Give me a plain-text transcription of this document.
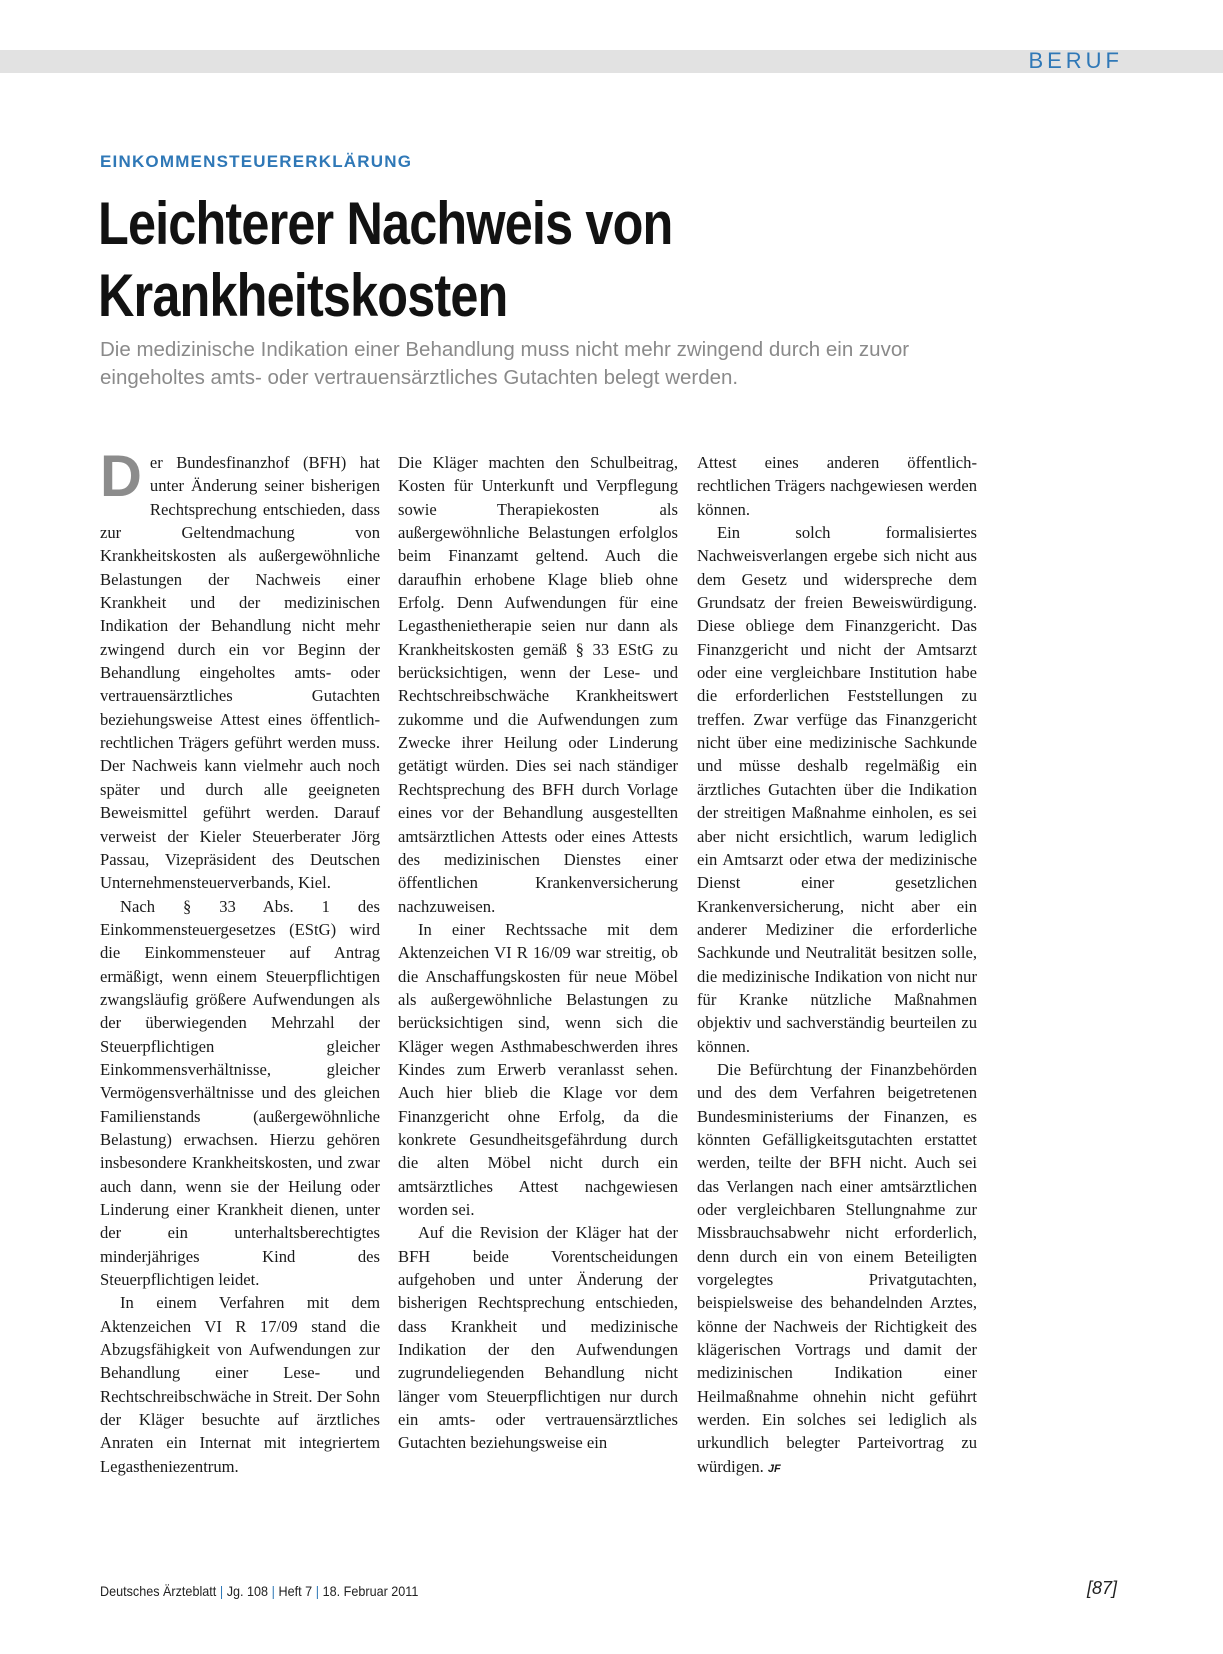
BERUF
EINKOMMENSTEUERERKLÄRUNG
Leichterer Nachweis von
Krankheitskosten

Die medizinische Indikation einer Behandlung muss nicht mehr zwingend durch ein zuvor eingeholtes amts- oder vertrauensärztliches Gutachten belegt werden.

Der Bundesfinanzhof (BFH) hat unter Änderung seiner bisherigen Rechtsprechung entschieden, dass zur Geltendmachung von Krankheitskosten als außergewöhnliche Belastungen der Nachweis einer Krankheit und der medizinischen Indikation der Behandlung nicht mehr zwingend durch ein vor Beginn der Behandlung eingeholtes amts- oder vertrauensärztliches Gutachten beziehungsweise Attest eines öffentlich-rechtlichen Trägers geführt werden muss. Der Nachweis kann vielmehr auch noch später und durch alle geeigneten Beweismittel geführt werden. Darauf verweist der Kieler Steuerberater Jörg Passau, Vizepräsident des Deutschen Unternehmensteuerverbands, Kiel.

Nach § 33 Abs. 1 des Einkommensteuergesetzes (EStG) wird die Einkommensteuer auf Antrag ermäßigt, wenn einem Steuerpflichtigen zwangsläufig größere Aufwendungen als der überwiegenden Mehrzahl der Steuerpflichtigen gleicher Einkommensverhältnisse, gleicher Vermögensverhältnisse und des gleichen Familienstands (außergewöhnliche Belastung) erwachsen. Hierzu gehören insbesondere Krankheitskosten, und zwar auch dann, wenn sie der Heilung oder Linderung einer Krankheit dienen, unter der ein unterhaltsberechtigtes minderjähriges Kind des Steuerpflichtigen leidet.

In einem Verfahren mit dem Aktenzeichen VI R 17/09 stand die Abzugsfähigkeit von Aufwendungen zur Behandlung einer Lese- und Rechtschreibschwäche in Streit. Der Sohn der Kläger besuchte auf ärztliches Anraten ein Internat mit integriertem Legastheniezentrum.

Die Kläger machten den Schulbeitrag, Kosten für Unterkunft und Verpflegung sowie Therapiekosten als außergewöhnliche Belastungen erfolglos beim Finanzamt geltend. Auch die daraufhin erhobene Klage blieb ohne Erfolg. Denn Aufwendungen für eine Legasthenietherapie seien nur dann als Krankheitskosten gemäß § 33 EStG zu berücksichtigen, wenn der Lese- und Rechtschreibschwäche Krankheitswert zukomme und die Aufwendungen zum Zwecke ihrer Heilung oder Linderung getätigt würden. Dies sei nach ständiger Rechtsprechung des BFH durch Vorlage eines vor der Behandlung ausgestellten amtsärztlichen Attests oder eines Attests des medizinischen Dienstes einer öffentlichen Krankenversicherung nachzuweisen.

In einer Rechtssache mit dem Aktenzeichen VI R 16/09 war streitig, ob die Anschaffungskosten für neue Möbel als außergewöhnliche Belastungen zu berücksichtigen sind, wenn sich die Kläger wegen Asthmabeschwerden ihres Kindes zum Erwerb veranlasst sehen. Auch hier blieb die Klage vor dem Finanzgericht ohne Erfolg, da die konkrete Gesundheitsgefährdung durch die alten Möbel nicht durch ein amtsärztliches Attest nachgewiesen worden sei.

Auf die Revision der Kläger hat der BFH beide Vorentscheidungen aufgehoben und unter Änderung der bisherigen Rechtsprechung entschieden, dass Krankheit und medizinische Indikation der den Aufwendungen zugrundeliegenden Behandlung nicht länger vom Steuerpflichtigen nur durch ein amts- oder vertrauensärztliches Gutachten beziehungsweise ein

Attest eines anderen öffentlich-rechtlichen Trägers nachgewiesen werden können.

Ein solch formalisiertes Nachweisverlangen ergebe sich nicht aus dem Gesetz und widerspreche dem Grundsatz der freien Beweiswürdigung. Diese obliege dem Finanzgericht. Das Finanzgericht und nicht der Amtsarzt oder eine vergleichbare Institution habe die erforderlichen Feststellungen zu treffen. Zwar verfüge das Finanzgericht nicht über eine medizinische Sachkunde und müsse deshalb regelmäßig ein ärztliches Gutachten über die Indikation der streitigen Maßnahme einholen, es sei aber nicht ersichtlich, warum lediglich ein Amtsarzt oder etwa der medizinische Dienst einer gesetzlichen Krankenversicherung, nicht aber ein anderer Mediziner die erforderliche Sachkunde und Neutralität besitzen solle, die medizinische Indikation von nicht nur für Kranke nützliche Maßnahmen objektiv und sachverständig beurteilen zu können.

Die Befürchtung der Finanzbehörden und des dem Verfahren beigetretenen Bundesministeriums der Finanzen, es könnten Gefälligkeitsgutachten erstattet werden, teilte der BFH nicht. Auch sei das Verlangen nach einer amtsärztlichen oder vergleichbaren Stellungnahme zur Missbrauchsabwehr nicht erforderlich, denn durch ein von einem Beteiligten vorgelegtes Privatgutachten, beispielsweise des behandelnden Arztes, könne der Nachweis der Richtigkeit des klägerischen Vortrags und damit der medizinischen Indikation einer Heilmaßnahme ohnehin nicht geführt werden. Ein solches sei lediglich als urkundlich belegter Parteivortrag zu würdigen. JF

Deutsches Ärzteblatt | Jg. 108 | Heft 7 | 18. Februar 2011	[87]
